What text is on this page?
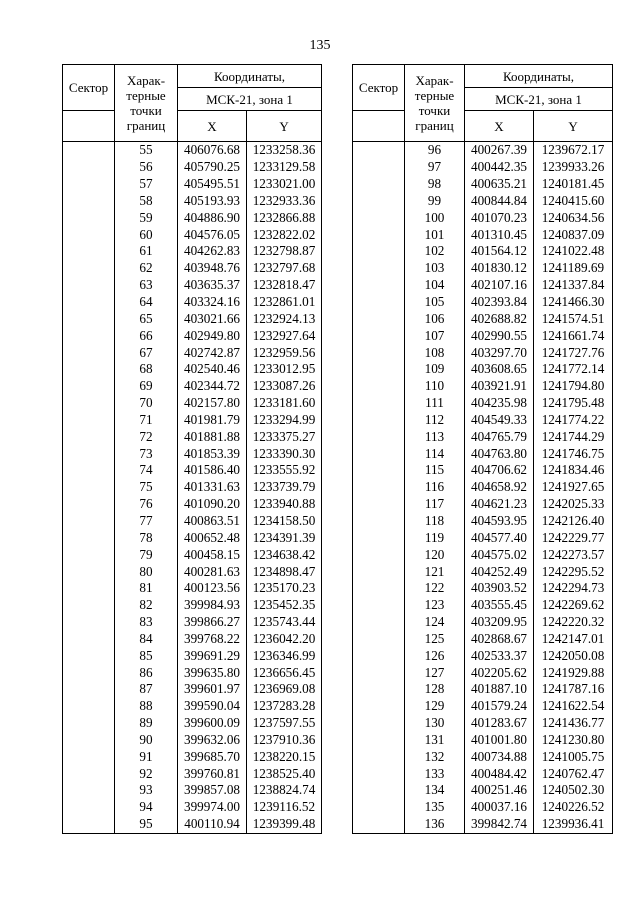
135
Сектор	Харак-
терные
точки
границ	Координаты,	
		МСК-21, зона 1	
		X	Y
	55	406076.68	1233258.36
	56	405790.25	1233129.58
	57	405495.51	1233021.00
	58	405193.93	1232933.36
	59	404886.90	1232866.88
	60	404576.05	1232822.02
	61	404262.83	1232798.87
	62	403948.76	1232797.68
	63	403635.37	1232818.47
	64	403324.16	1232861.01
	65	403021.66	1232924.13
	66	402949.80	1232927.64
	67	402742.87	1232959.56
	68	402540.46	1233012.95
	69	402344.72	1233087.26
	70	402157.80	1233181.60
	71	401981.79	1233294.99
	72	401881.88	1233375.27
	73	401853.39	1233390.30
	74	401586.40	1233555.92
	75	401331.63	1233739.79
	76	401090.20	1233940.88
	77	400863.51	1234158.50
	78	400652.48	1234391.39
	79	400458.15	1234638.42
	80	400281.63	1234898.47
	81	400123.56	1235170.23
	82	399984.93	1235452.35
	83	399866.27	1235743.44
	84	399768.22	1236042.20
	85	399691.29	1236346.99
	86	399635.80	1236656.45
	87	399601.97	1236969.08
	88	399590.04	1237283.28
	89	399600.09	1237597.55
	90	399632.06	1237910.36
	91	399685.70	1238220.15
	92	399760.81	1238525.40
	93	399857.08	1238824.74
	94	399974.00	1239116.52
	95	400110.94	1239399.48
Сектор	Харак-
терные
точки
границ	Координаты,	
		МСК-21, зона 1	
		X	Y
	96	400267.39	1239672.17
	97	400442.35	1239933.26
	98	400635.21	1240181.45
	99	400844.84	1240415.60
	100	401070.23	1240634.56
	101	401310.45	1240837.09
	102	401564.12	1241022.48
	103	401830.12	1241189.69
	104	402107.16	1241337.84
	105	402393.84	1241466.30
	106	402688.82	1241574.51
	107	402990.55	1241661.74
	108	403297.70	1241727.76
	109	403608.65	1241772.14
	110	403921.91	1241794.80
	111	404235.98	1241795.48
	112	404549.33	1241774.22
	113	404765.79	1241744.29
	114	404763.80	1241746.75
	115	404706.62	1241834.46
	116	404658.92	1241927.65
	117	404621.23	1242025.33
	118	404593.95	1242126.40
	119	404577.40	1242229.77
	120	404575.02	1242273.57
	121	404252.49	1242295.52
	122	403903.52	1242294.73
	123	403555.45	1242269.62
	124	403209.95	1242220.32
	125	402868.67	1242147.01
	126	402533.37	1242050.08
	127	402205.62	1241929.88
	128	401887.10	1241787.16
	129	401579.24	1241622.54
	130	401283.67	1241436.77
	131	401001.80	1241230.80
	132	400734.88	1241005.75
	133	400484.42	1240762.47
	134	400251.46	1240502.30
	135	400037.16	1240226.52
	136	399842.74	1239936.41
